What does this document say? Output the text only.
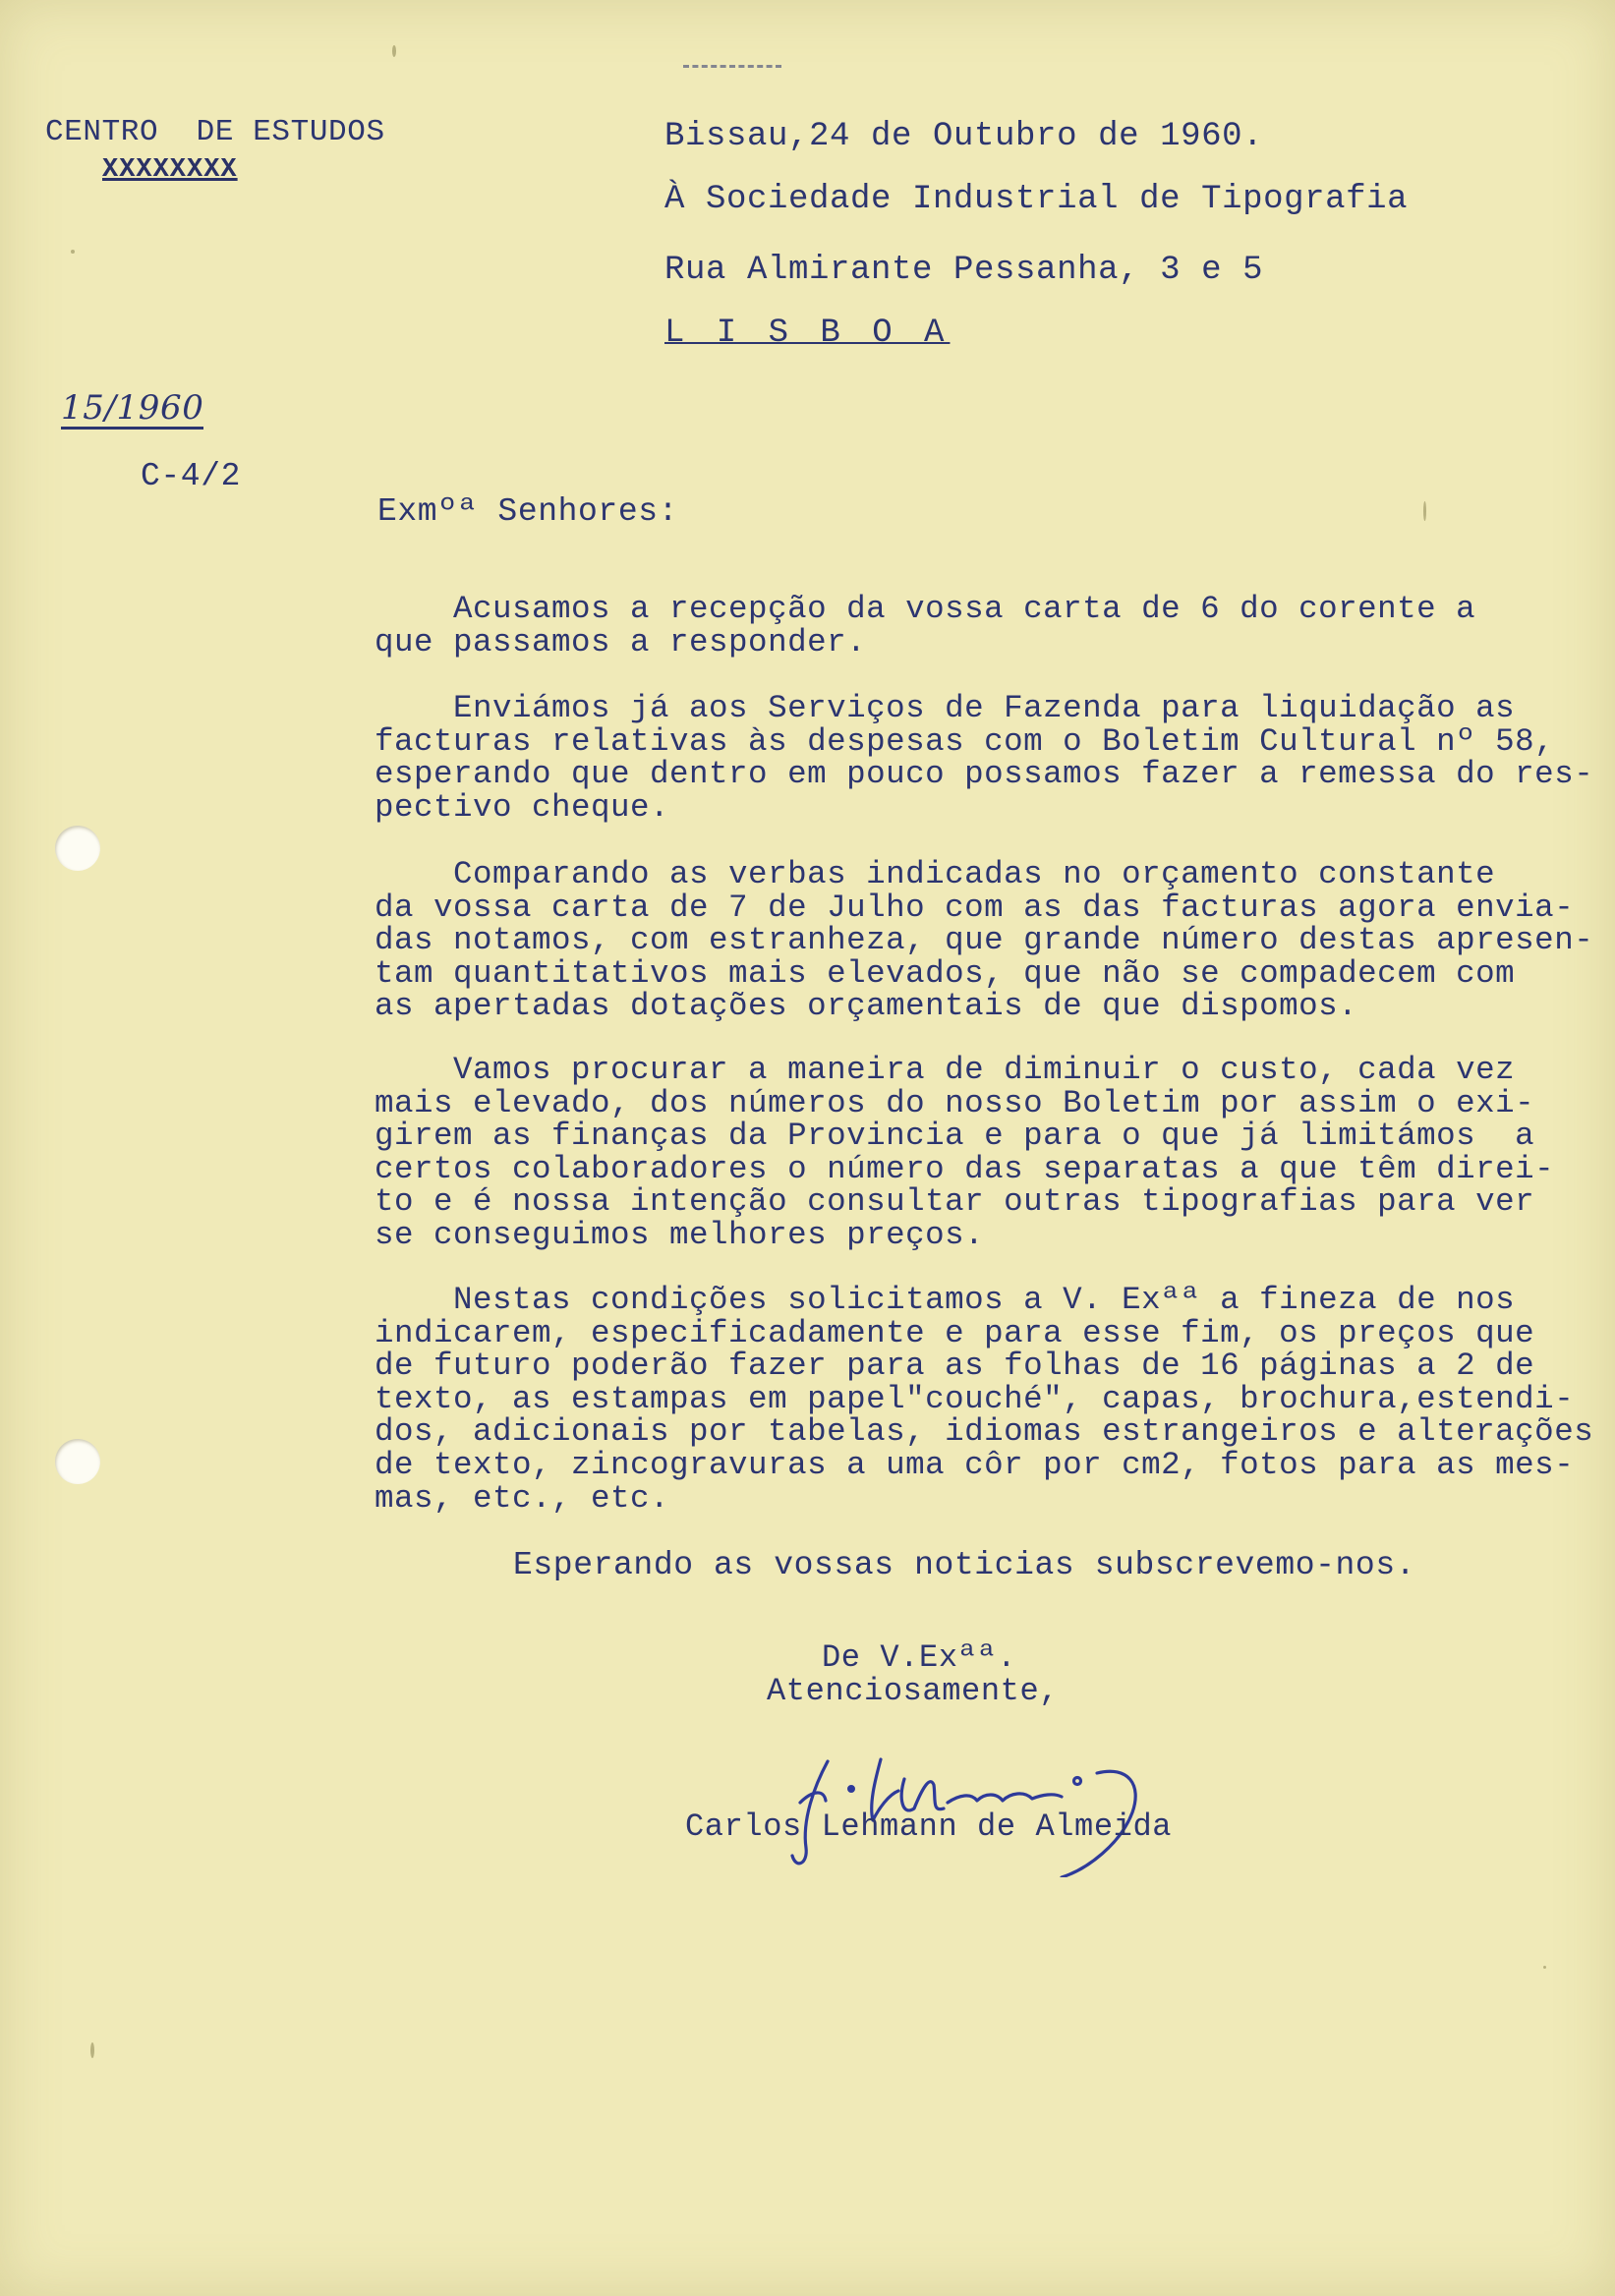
CENTRO  DE ESTUDOS
XXXXXXXX
15/1960
C-4/2
Bissau,24 de Outubro de 1960.
À Sociedade Industrial de Tipografia
Rua Almirante Pessanha, 3 e 5
L I S B O A
Exmºª Senhores:
Acusamos a recepção da vossa carta de 6 do corente a
que passamos a responder.
Enviámos já aos Serviços de Fazenda para liquidação as
facturas relativas às despesas com o Boletim Cultural nº 58,
esperando que dentro em pouco possamos fazer a remessa do res-
pectivo cheque.
Comparando as verbas indicadas no orçamento constante
da vossa carta de 7 de Julho com as das facturas agora envia-
das notamos, com estranheza, que grande número destas apresen-
tam quantitativos mais elevados, que não se compadecem com
as apertadas dotações orçamentais de que dispomos.
Vamos procurar a maneira de diminuir o custo, cada vez
mais elevado, dos números do nosso Boletim por assim o exi-
girem as finanças da Provincia e para o que já limitámos  a
certos colaboradores o número das separatas a que têm direi-
to e é nossa intenção consultar outras tipografias para ver
se conseguimos melhores preços.
Nestas condições solicitamos a V. Exªª a fineza de nos
indicarem, especificadamente e para esse fim, os preços que
de futuro poderão fazer para as folhas de 16 páginas a 2 de
texto, as estampas em papel"couché", capas, brochura,estendi-
dos, adicionais por tabelas, idiomas estrangeiros e alterações
de texto, zincogravuras a uma côr por cm2, fotos para as mes-
mas, etc., etc.
Esperando as vossas noticias subscrevemo-nos.
De V.Exªª.
Atenciosamente,
Carlos Lehmann de Almeida
